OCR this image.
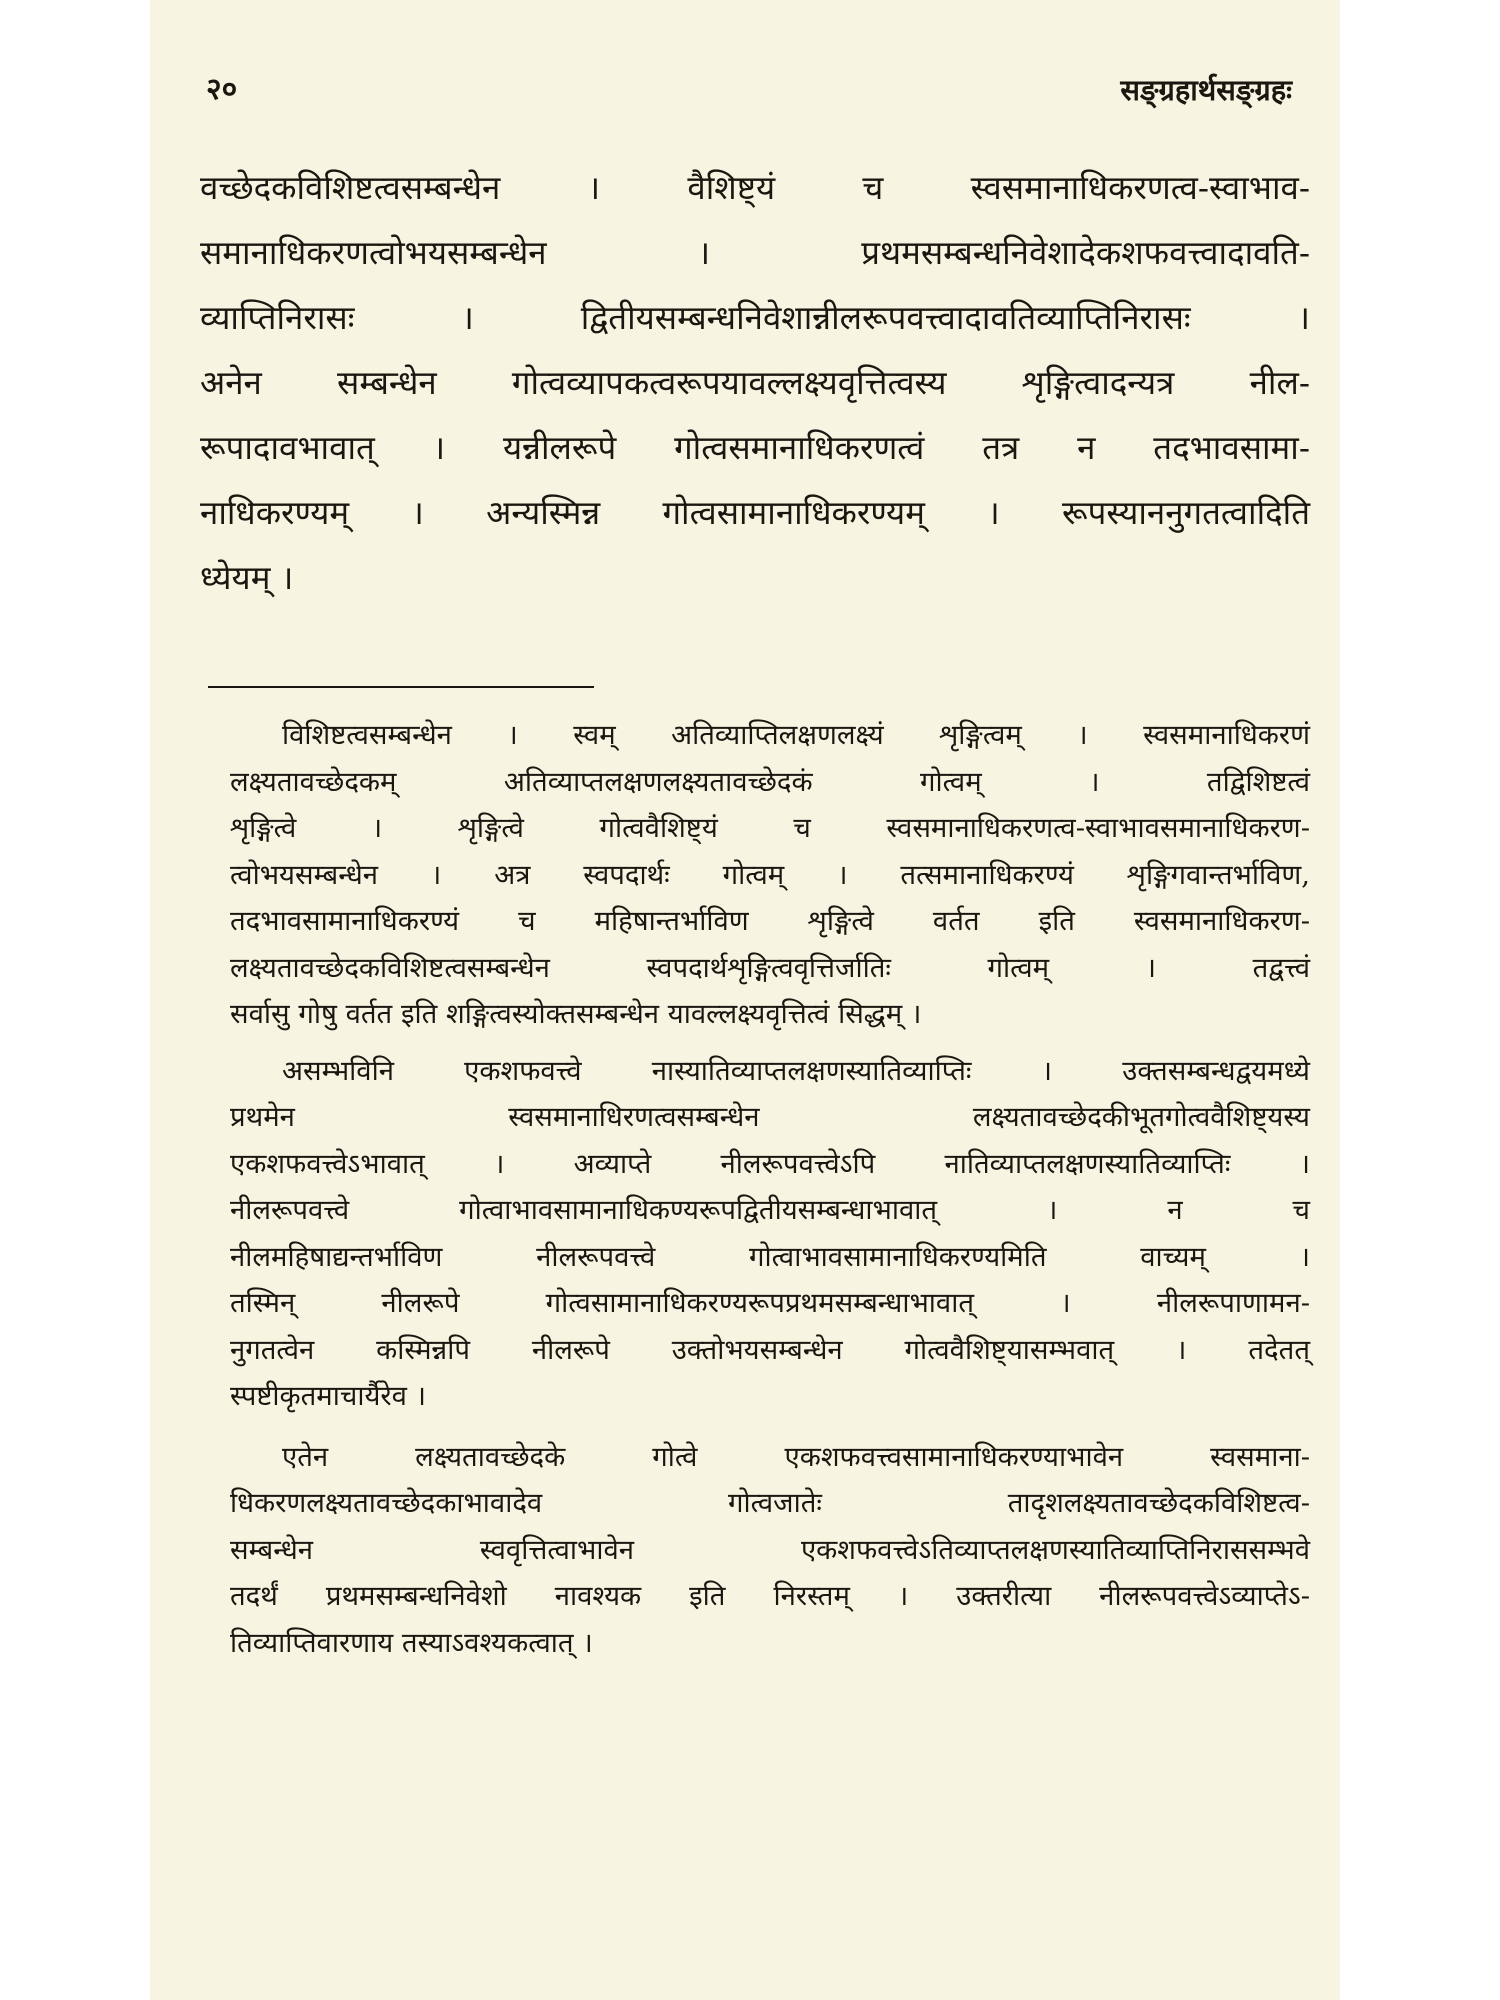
२०	सङ्ग्रहार्थसङ्ग्रहः

वच्छेदकविशिष्टत्वसम्बन्धेन । वैशिष्ट्यं च स्वसमानाधिकरणत्व-स्वाभाव-
समानाधिकरणत्वोभयसम्बन्धेन । प्रथमसम्बन्धनिवेशादेकशफवत्त्वादावति-
व्याप्तिनिरासः । द्वितीयसम्बन्धनिवेशान्नीलरूपवत्त्वादावतिव्याप्तिनिरासः ।
अनेन सम्बन्धेन गोत्वव्यापकत्वरूपयावल्लक्ष्यवृत्तित्वस्य शृङ्गित्वादन्यत्र नील-
रूपादावभावात् । यन्नीलरूपे गोत्वसमानाधिकरणत्वं तत्र न तदभावसामा-
नाधिकरण्यम् । अन्यस्मिन्न गोत्वसामानाधिकरण्यम् । रूपस्याननुगतत्वादिति
ध्येयम् ।

विशिष्टत्वसम्बन्धेन । स्वम् अतिव्याप्तिलक्षणलक्ष्यं शृङ्गित्वम् । स्वसमानाधिकरणं
लक्ष्यतावच्छेदकम् अतिव्याप्तलक्षणलक्ष्यतावच्छेदकं गोत्वम् । तद्विशिष्टत्वं
शृङ्गित्वे । शृङ्गित्वे गोत्ववैशिष्ट्यं च स्वसमानाधिकरणत्व-स्वाभावसमानाधिकरण-
त्वोभयसम्बन्धेन । अत्र स्वपदार्थः गोत्वम् । तत्समानाधिकरण्यं शृङ्गिगवान्तर्भाविण,
तदभावसामानाधिकरण्यं च महिषान्तर्भाविण शृङ्गित्वे वर्तत इति स्वसमानाधिकरण-
लक्ष्यतावच्छेदकविशिष्टत्वसम्बन्धेन स्वपदार्थशृङ्गित्ववृत्तिर्जातिः गोत्वम् । तद्वत्त्वं
सर्वासु गोषु वर्तत इति शङ्गित्वस्योक्तसम्बन्धेन यावल्लक्ष्यवृत्तित्वं सिद्धम् ।

असम्भविनि एकशफवत्त्वे नास्यातिव्याप्तलक्षणस्यातिव्याप्तिः । उक्तसम्बन्धद्वयमध्ये
प्रथमेन स्वसमानाधिरणत्वसम्बन्धेन लक्ष्यतावच्छेदकीभूतगोत्ववैशिष्ट्यस्य
एकशफवत्त्वेऽभावात् । अव्याप्ते नीलरूपवत्त्वेऽपि नातिव्याप्तलक्षणस्यातिव्याप्तिः ।
नीलरूपवत्त्वे गोत्वाभावसामानाधिकण्यरूपद्वितीयसम्बन्धाभावात् । न च
नीलमहिषाद्यन्तर्भाविण नीलरूपवत्त्वे गोत्वाभावसामानाधिकरण्यमिति वाच्यम् ।
तस्मिन् नीलरूपे गोत्वसामानाधिकरण्यरूपप्रथमसम्बन्धाभावात् । नीलरूपाणामन-
नुगतत्वेन कस्मिन्नपि नीलरूपे उक्तोभयसम्बन्धेन गोत्ववैशिष्ट्यासम्भवात् । तदेतत्
स्पष्टीकृतमाचार्यैरेव ।

एतेन लक्ष्यतावच्छेदके गोत्वे एकशफवत्त्वसामानाधिकरण्याभावेन स्वसमाना-
धिकरणलक्ष्यतावच्छेदकाभावादेव गोत्वजातेः तादृशलक्ष्यतावच्छेदकविशिष्टत्व-
सम्बन्धेन स्ववृत्तित्वाभावेन एकशफवत्त्वेऽतिव्याप्तलक्षणस्यातिव्याप्तिनिराससम्भवे
तदर्थं प्रथमसम्बन्धनिवेशो नावश्यक इति निरस्तम् । उक्तरीत्या नीलरूपवत्त्वेऽव्याप्तेऽ-
तिव्याप्तिवारणाय तस्याऽवश्यकत्वात् ।
